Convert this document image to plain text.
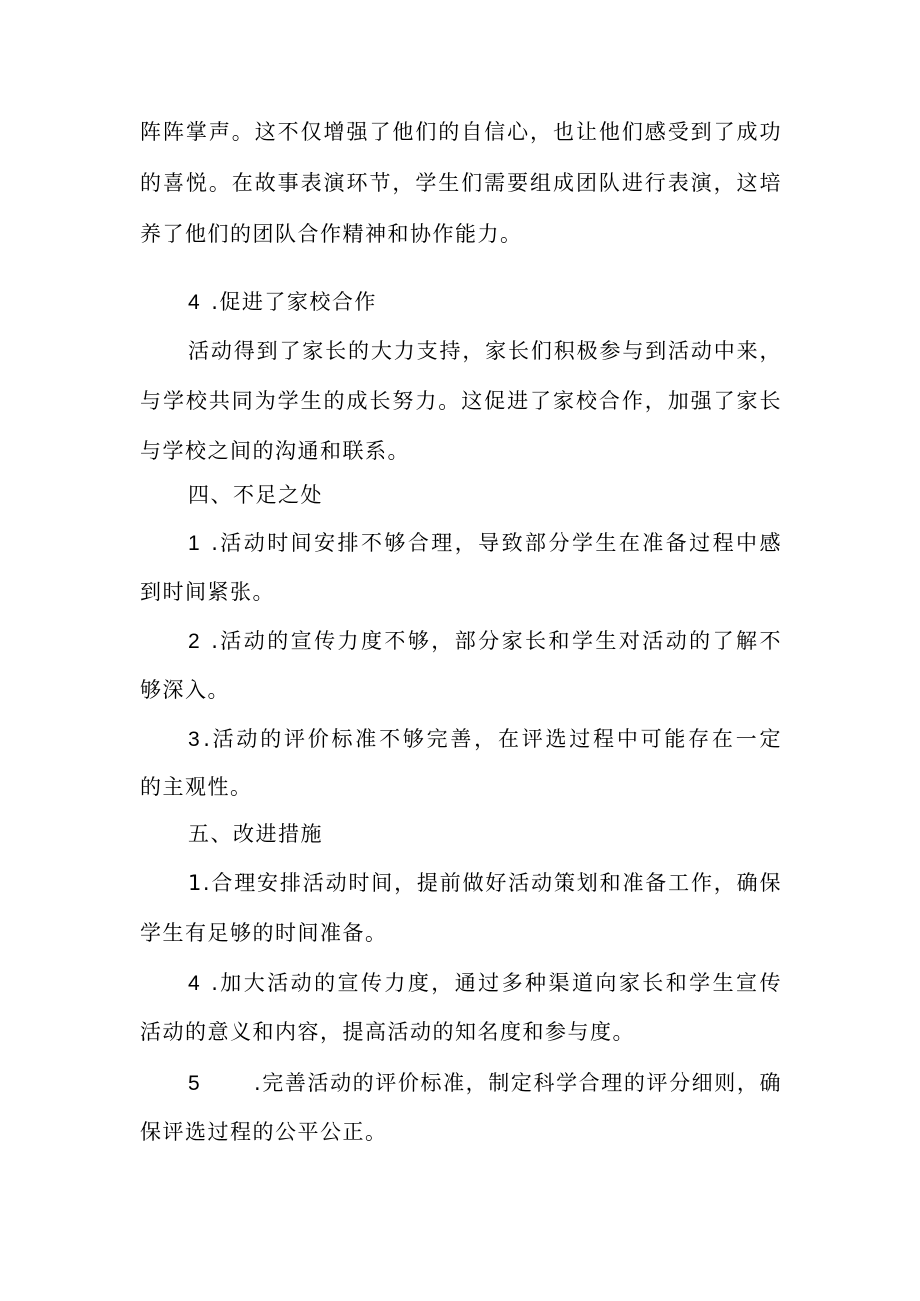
阵阵掌声。这不仅增强了他们的自信心，也让他们感受到了成功
的喜悦。在故事表演环节，学生们需要组成团队进行表演，这培
养了他们的团队合作精神和协作能力。
4 .促进了家校合作
活动得到了家长的大力支持，家长们积极参与到活动中来，
与学校共同为学生的成长努力。这促进了家校合作，加强了家长
与学校之间的沟通和联系。
四、不足之处
1 .活动时间安排不够合理，导致部分学生在准备过程中感
到时间紧张。
2 .活动的宣传力度不够，部分家长和学生对活动的了解不
够深入。
3.活动的评价标准不够完善，在评选过程中可能存在一定
的主观性。
五、改进措施
1.合理安排活动时间，提前做好活动策划和准备工作，确保
学生有足够的时间准备。
4 .加大活动的宣传力度，通过多种渠道向家长和学生宣传
活动的意义和内容，提高活动的知名度和参与度。
5	.完善活动的评价标准，制定科学合理的评分细则，确
保评选过程的公平公正。
